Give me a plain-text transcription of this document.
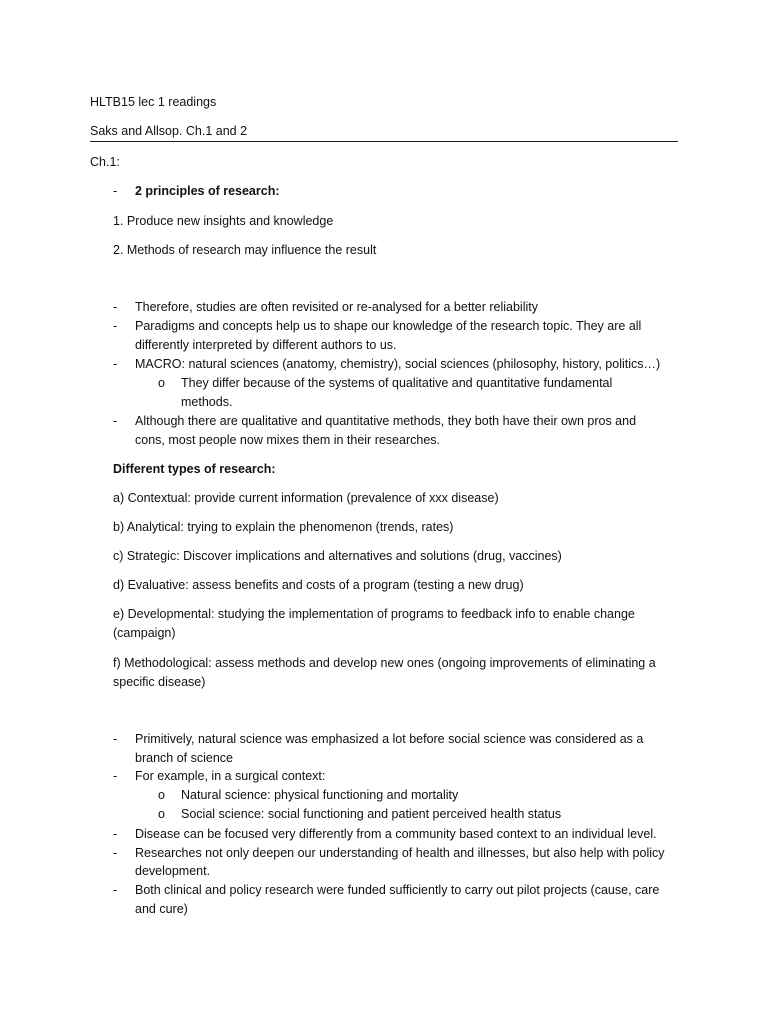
HLTB15 lec 1 readings
Saks and Allsop. Ch.1 and 2
Ch.1:
-	2 principles of research:
1. Produce new insights and knowledge
2. Methods of research may influence the result
-	Therefore, studies are often revisited or re-analysed for a better reliability
-	Paradigms and concepts help us to shape our knowledge of the research topic. They are all
differently interpreted by different authors to us.
-	MACRO: natural sciences (anatomy, chemistry), social sciences (philosophy, history, politics…)
o	They differ because of the systems of qualitative and quantitative fundamental
methods.
-	Although there are qualitative and quantitative methods, they both have their own pros and
cons, most people now mixes them in their researches.
Different types of research:
a) Contextual: provide current information (prevalence of xxx disease)
b) Analytical: trying to explain the phenomenon (trends, rates)
c) Strategic: Discover implications and alternatives and solutions (drug, vaccines)
d) Evaluative: assess benefits and costs of a program (testing a new drug)
e) Developmental: studying the implementation of programs to feedback info to enable change
(campaign)
f) Methodological: assess methods and develop new ones (ongoing improvements of eliminating a
specific disease)
-	Primitively, natural science was emphasized a lot before social science was considered as a
branch of science
-	For example, in a surgical context:
o	Natural science: physical functioning and mortality
o	Social science: social functioning and patient perceived health status
-	Disease can be focused very differently from a community based context to an individual level.
-	Researches not only deepen our understanding of health and illnesses, but also help with policy
development.
-	Both clinical and policy research were funded sufficiently to carry out pilot projects (cause, care
and cure)
